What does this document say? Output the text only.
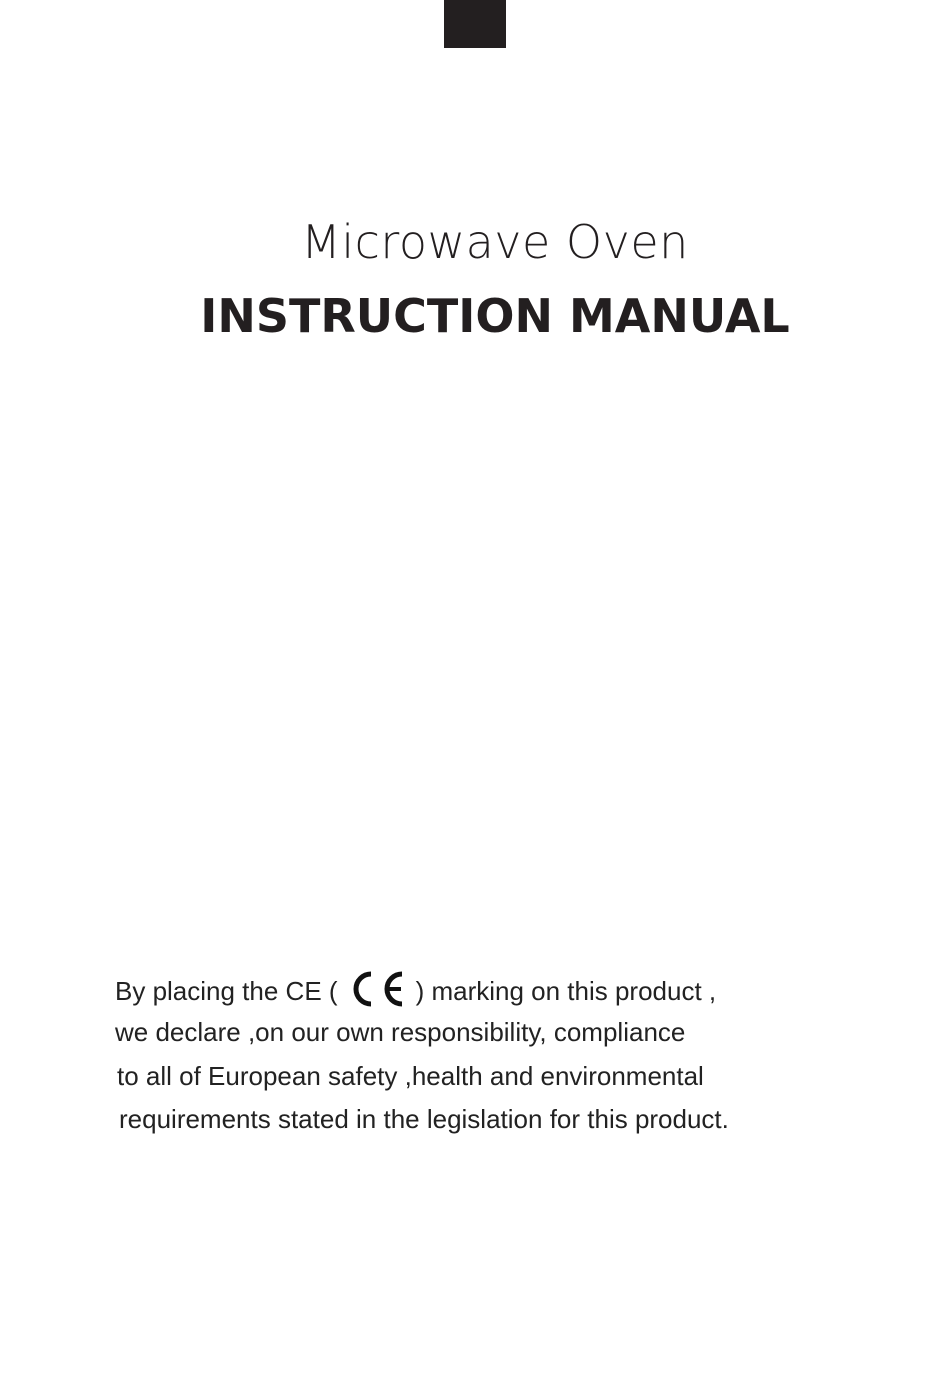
Microwave Oven
INSTRUCTION MANUAL
By placing the CE (	) marking on this product ,
we declare ,on our own responsibility, compliance
to all of European safety ,health and environmental
requirements stated in the legislation for this product.
